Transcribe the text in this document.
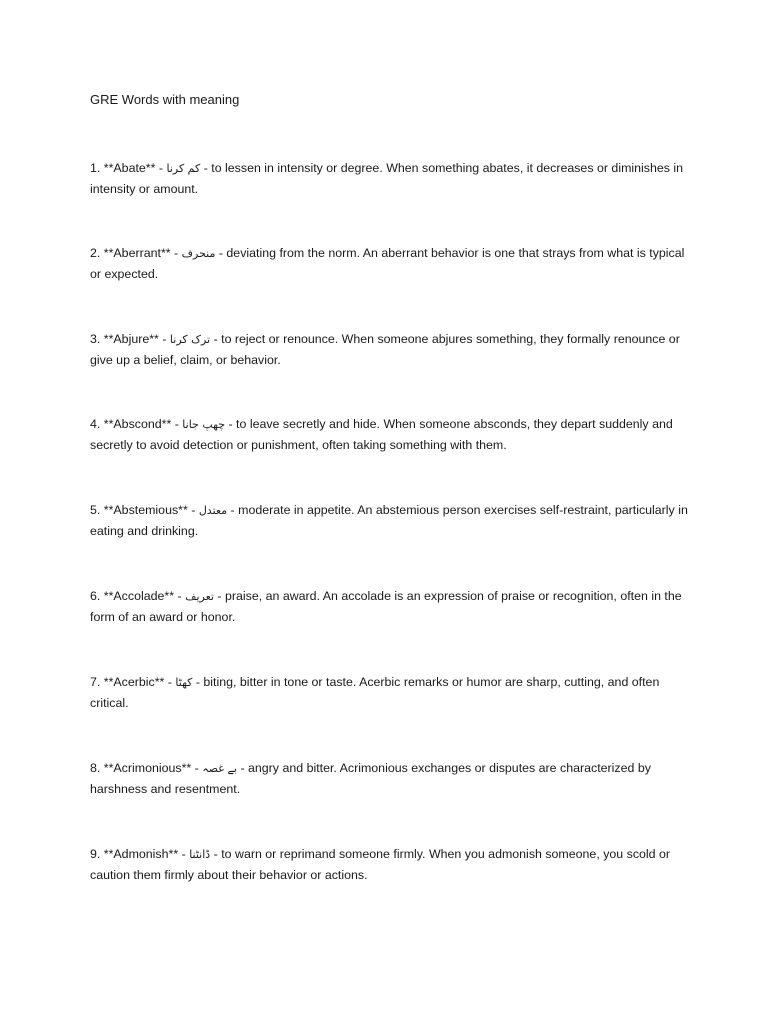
GRE Words with meaning
1. **Abate** - کم کرنا - to lessen in intensity or degree. When something abates, it decreases or diminishes in intensity or amount.
2. **Aberrant** - منحرف - deviating from the norm. An aberrant behavior is one that strays from what is typical or expected.
3. **Abjure** - ترک کرنا - to reject or renounce. When someone abjures something, they formally renounce or give up a belief, claim, or behavior.
4. **Abscond** - چھپ جانا - to leave secretly and hide. When someone absconds, they depart suddenly and secretly to avoid detection or punishment, often taking something with them.
5. **Abstemious** - معتدل - moderate in appetite. An abstemious person exercises self-restraint, particularly in eating and drinking.
6. **Accolade** - تعریف - praise, an award. An accolade is an expression of praise or recognition, often in the form of an award or honor.
7. **Acerbic** - کھٹا - biting, bitter in tone or taste. Acerbic remarks or humor are sharp, cutting, and often critical.
8. **Acrimonious** - بے غصہ - angry and bitter. Acrimonious exchanges or disputes are characterized by harshness and resentment.
9. **Admonish** - ڈانٹنا - to warn or reprimand someone firmly. When you admonish someone, you scold or caution them firmly about their behavior or actions.
